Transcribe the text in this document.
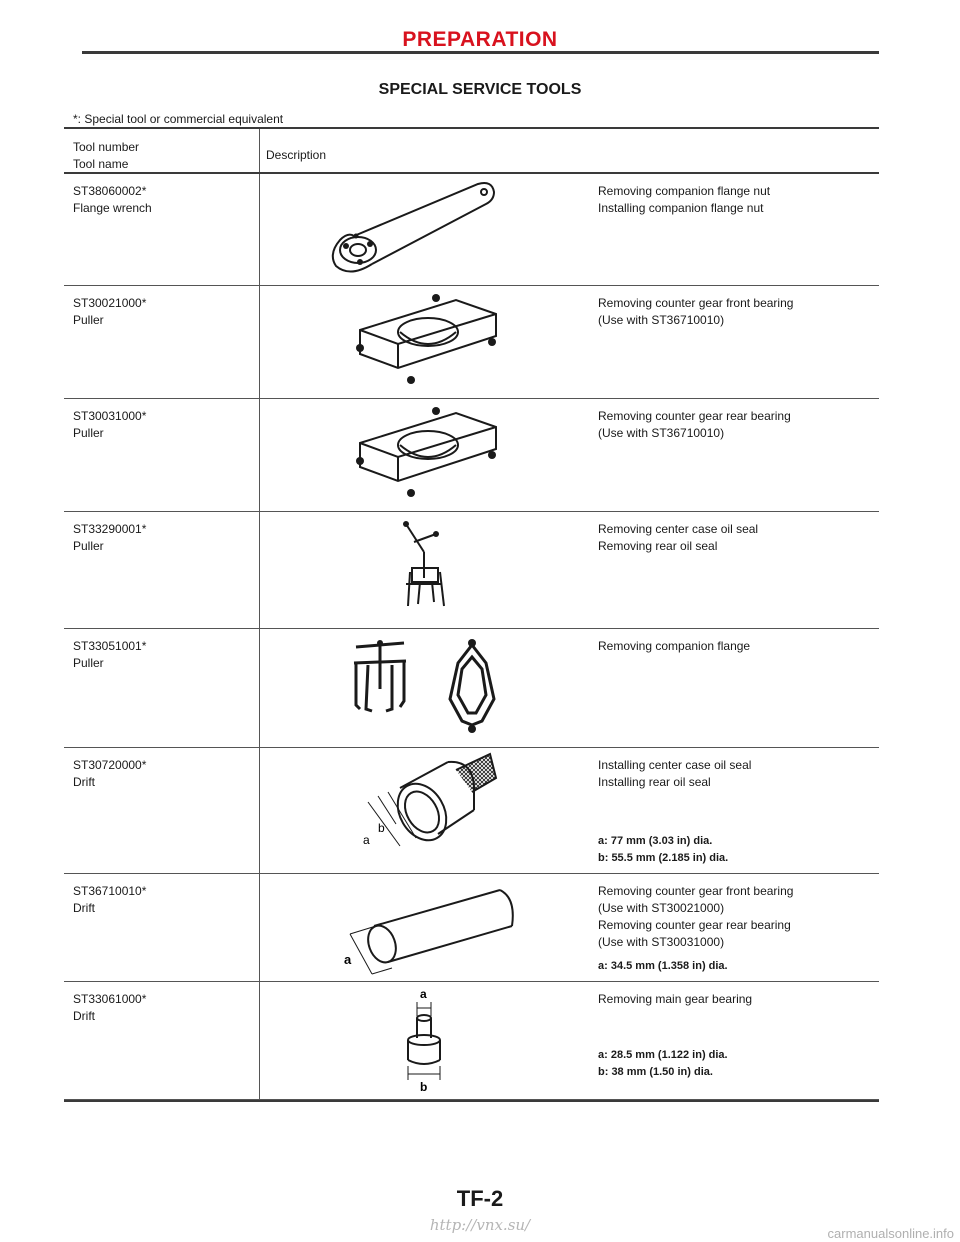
PREPARATION
SPECIAL SERVICE TOOLS
*: Special tool or commercial equivalent
Tool number
Tool name
Description
ST38060002*
Flange wrench
Removing companion flange nut
Installing companion flange nut
ST30021000*
Puller
Removing counter gear front bearing
(Use with ST36710010)
ST30031000*
Puller
Removing counter gear rear bearing
(Use with ST36710010)
ST33290001*
Puller
Removing center case oil seal
Removing rear oil seal
ST33051001*
Puller
Removing companion flange
ST30720000*
Drift
a
b
Installing center case oil seal
Installing rear oil seal
a: 77 mm (3.03 in) dia.
b: 55.5 mm (2.185 in) dia.
ST36710010*
Drift
a
Removing counter gear front bearing
(Use with ST30021000)
Removing counter gear rear bearing
(Use with ST30031000)
a: 34.5 mm (1.358 in) dia.
ST33061000*
Drift
a
b
Removing main gear bearing
a: 28.5 mm (1.122 in) dia.
b: 38 mm (1.50 in) dia.
TF-2
http://vnx.su/	carmanualsonline.info
